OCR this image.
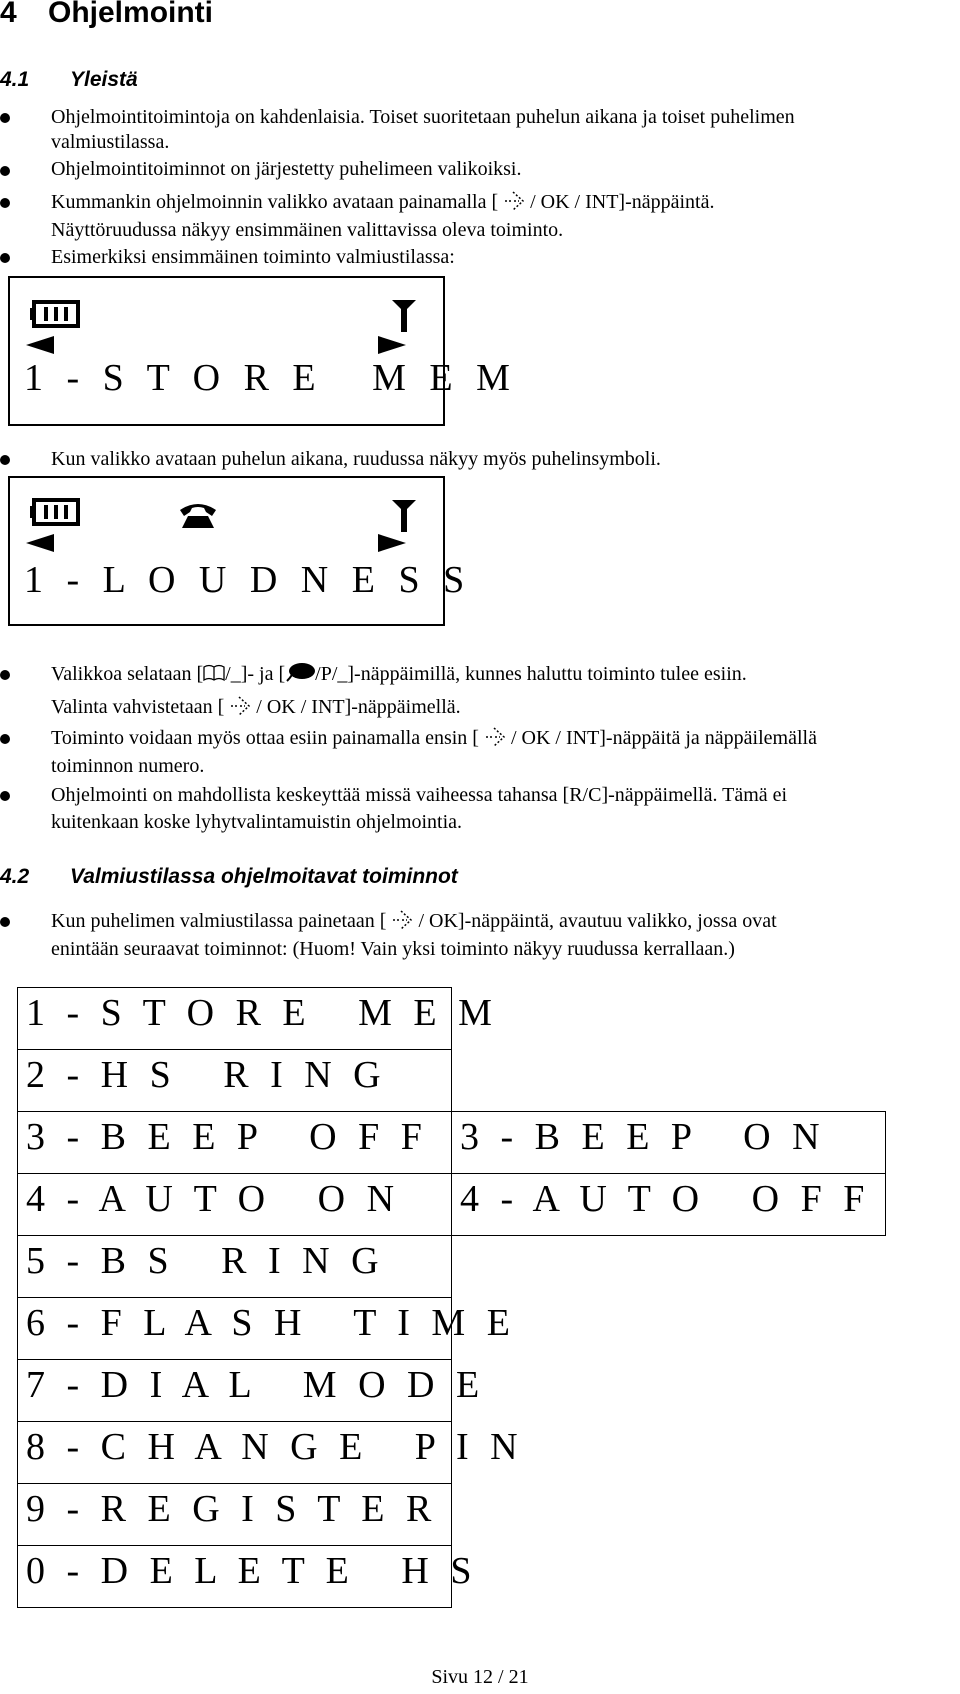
4 Ohjelmointi
4.1 Yleistä
Ohjelmointitoimintoja on kahdenlaisia. Toiset suoritetaan puhelun aikana ja toiset puhelimen
valmiustilassa.
Ohjelmointitoiminnot on järjestetty puhelimeen valikoiksi.
Kummankin ohjelmoinnin valikko avataan painamalla [ / OK / INT]-näppäintä.
Näyttöruudussa näkyy ensimmäinen valittavissa oleva toiminto.
Esimerkiksi ensimmäinen toiminto valmiustilassa:
1 - S T O R E   M E M
Kun valikko avataan puhelun aikana, ruudussa näkyy myös puhelinsymboli.
1 - L O U D N E S S
Valikkoa selataan [ /_]- ja [ /P/_]-näppäimillä, kunnes haluttu toiminto tulee esiin.
Valinta vahvistetaan [ / OK / INT]-näppäimellä.
Toiminto voidaan myös ottaa esiin painamalla ensin [ / OK / INT]-näppäitä ja näppäilemällä
toiminnon numero.
Ohjelmointi on mahdollista keskeyttää missä vaiheessa tahansa [R/C]-näppäimellä. Tämä ei
kuitenkaan koske lyhytvalintamuistin ohjelmointia.
4.2 Valmiustilassa ohjelmoitavat toiminnot
Kun puhelimen valmiustilassa painetaan [ / OK]-näppäintä, avautuu valikko, jossa ovat
enintään seuraavat toiminnot: (Huom! Vain yksi toiminto näkyy ruudussa kerrallaan.)
1 - S T O R E   M E M
2 - H S   R I N G
3 - B E E P   O F F 3 - B E E P   O N
4 - A U T O   O N 4 - A U T O   O F F
5 - B S   R I N G
6 - F L A S H   T I M E
7 - D I A L   M O D E
8 - C H A N G E   P I N
9 - R E G I S T E R
0 - D E L E T E   H S
Sivu 12 / 21
